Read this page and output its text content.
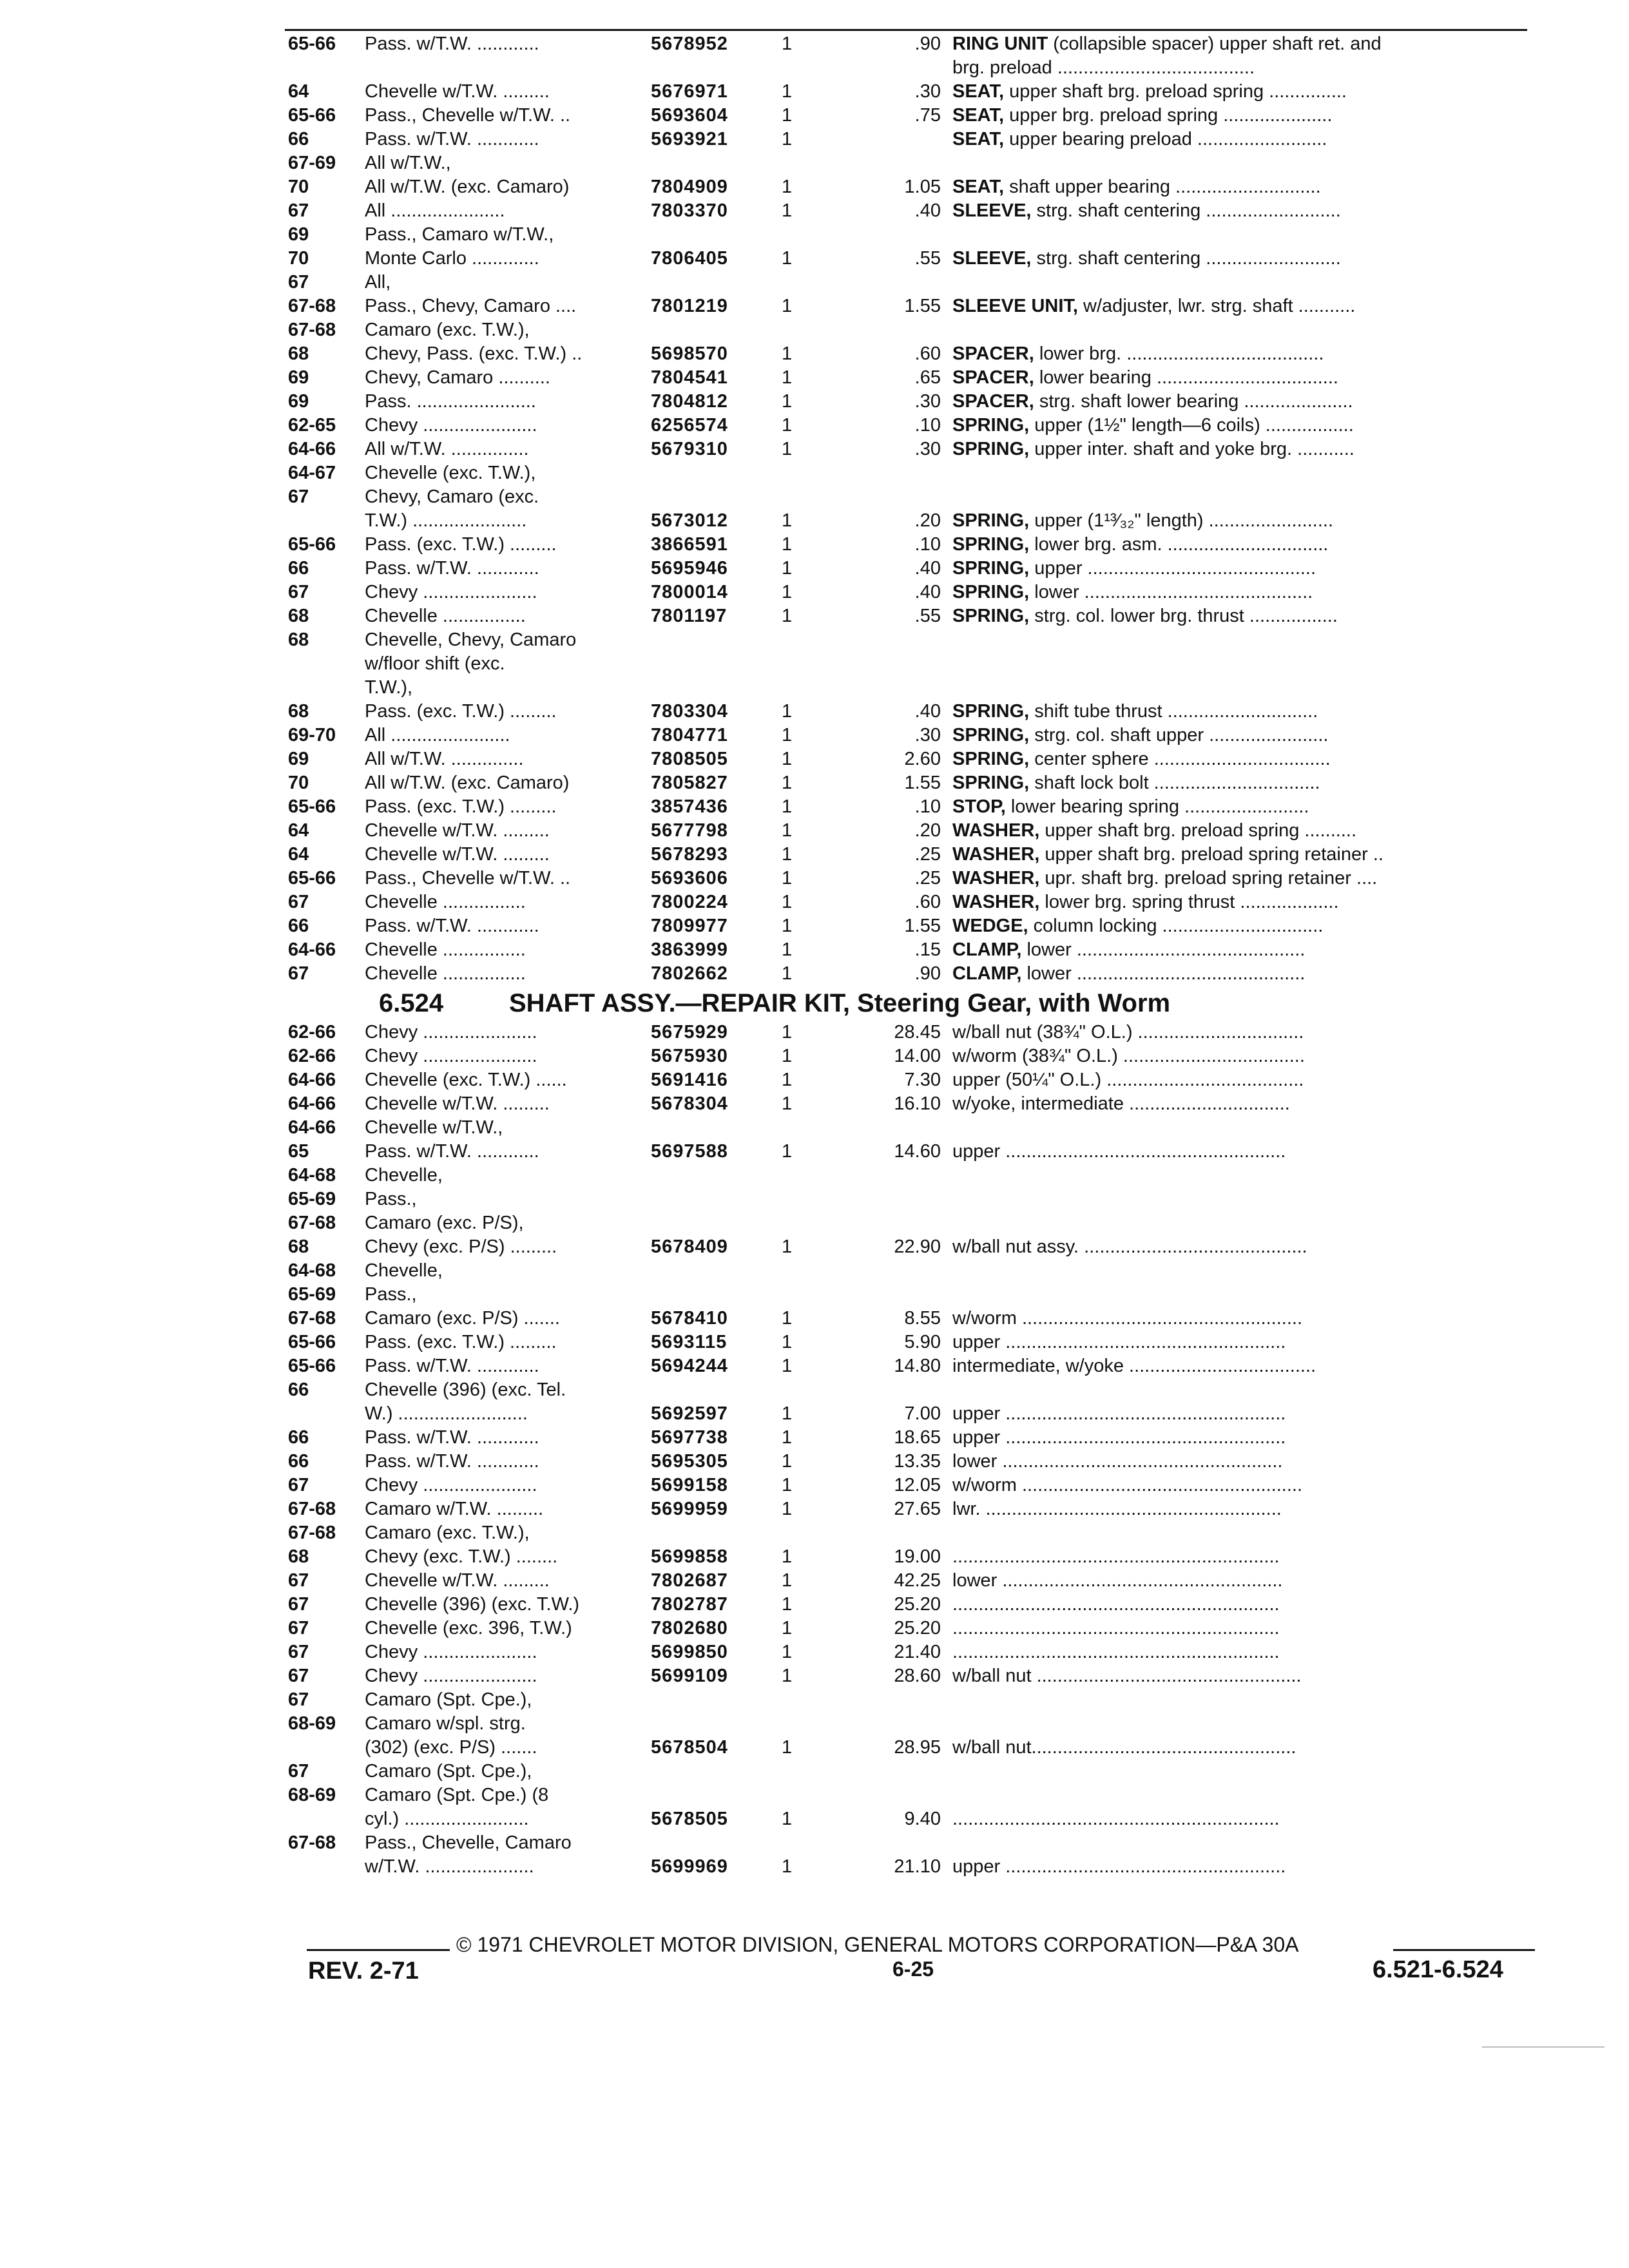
65-66	Pass. w/T.W. ............	5678952	1	.90 RING UNIT (collapsible spacer) upper shaft ret. and
brg. preload ......................................
64	Chevelle w/T.W. .........	5676971	1	.30 SEAT, upper shaft brg. preload spring ...............
65-66	Pass., Chevelle w/T.W. ..	5693604	1	.75 SEAT, upper brg. preload spring .....................
66	Pass. w/T.W. ............	5693921	1	SEAT, upper bearing preload .........................
67-69	All w/T.W.,
70	All w/T.W. (exc. Camaro)	7804909	1	1.05 SEAT, shaft upper bearing ............................
67	All ......................	7803370	1	.40 SLEEVE, strg. shaft centering ..........................
69	Pass., Camaro w/T.W.,
70	Monte Carlo .............	7806405	1	.55 SLEEVE, strg. shaft centering ..........................
67	All,
67-68	Pass., Chevy, Camaro ....	7801219	1	1.55 SLEEVE UNIT, w/adjuster, lwr. strg. shaft ...........
67-68	Camaro (exc. T.W.),
68	Chevy, Pass. (exc. T.W.) ..	5698570	1	.60 SPACER, lower brg. ......................................
69	Chevy, Camaro ..........	7804541	1	.65 SPACER, lower bearing ...................................
69	Pass. .......................	7804812	1	.30 SPACER, strg. shaft lower bearing .....................
62-65	Chevy ......................	6256574	1	.10 SPRING, upper (1½" length—6 coils) .................
64-66	All w/T.W. ...............	5679310	1	.30 SPRING, upper inter. shaft and yoke brg. ...........
64-67	Chevelle (exc. T.W.),
67	Chevy, Camaro (exc.
T.W.) ......................	5673012	1	.20 SPRING, upper (1¹³⁄₃₂" length) ........................
65-66	Pass. (exc. T.W.) .........	3866591	1	.10 SPRING, lower brg. asm. ...............................
66	Pass. w/T.W. ............	5695946	1	.40 SPRING, upper ............................................
67	Chevy ......................	7800014	1	.40 SPRING, lower ............................................
68	Chevelle ................	7801197	1	.55 SPRING, strg. col. lower brg. thrust .................
68	Chevelle, Chevy, Camaro
w/floor shift (exc.
T.W.),
68	Pass. (exc. T.W.) .........	7803304	1	.40 SPRING, shift tube thrust .............................
69-70	All .......................	7804771	1	.30 SPRING, strg. col. shaft upper .......................
69	All w/T.W. ..............	7808505	1	2.60 SPRING, center sphere ..................................
70	All w/T.W. (exc. Camaro)	7805827	1	1.55 SPRING, shaft lock bolt ................................
65-66	Pass. (exc. T.W.) .........	3857436	1	.10 STOP, lower bearing spring ........................
64	Chevelle w/T.W. .........	5677798	1	.20 WASHER, upper shaft brg. preload spring ..........
64	Chevelle w/T.W. .........	5678293	1	.25 WASHER, upper shaft brg. preload spring retainer ..
65-66	Pass., Chevelle w/T.W. ..	5693606	1	.25 WASHER, upr. shaft brg. preload spring retainer ....
67	Chevelle ................	7800224	1	.60 WASHER, lower brg. spring thrust ...................
66	Pass. w/T.W. ............	7809977	1	1.55 WEDGE, column locking ...............................
64-66	Chevelle ................	3863999	1	.15 CLAMP, lower ............................................
67	Chevelle ................	7802662	1	.90 CLAMP, lower ............................................
6.524	SHAFT ASSY.—REPAIR KIT, Steering Gear, with Worm
62-66	Chevy ......................	5675929	1	28.45 w/ball nut (38¾" O.L.) ................................
62-66	Chevy ......................	5675930	1	14.00 w/worm (38¾" O.L.) ...................................
64-66	Chevelle (exc. T.W.) ......	5691416	1	7.30 upper (50¼" O.L.) ......................................
64-66	Chevelle w/T.W. .........	5678304	1	16.10 w/yoke, intermediate ...............................
64-66	Chevelle w/T.W.,
65	Pass. w/T.W. ............	5697588	1	14.60 upper ......................................................
64-68	Chevelle,
65-69	Pass.,
67-68	Camaro (exc. P/S),
68	Chevy (exc. P/S) .........	5678409	1	22.90 w/ball nut assy. ...........................................
64-68	Chevelle,
65-69	Pass.,
67-68	Camaro (exc. P/S) .......	5678410	1	8.55 w/worm ......................................................
65-66	Pass. (exc. T.W.) .........	5693115	1	5.90 upper ......................................................
65-66	Pass. w/T.W. ............	5694244	1	14.80 intermediate, w/yoke ....................................
66	Chevelle (396) (exc. Tel.
W.) .........................	5692597	1	7.00 upper ......................................................
66	Pass. w/T.W. ............	5697738	1	18.65 upper ......................................................
66	Pass. w/T.W. ............	5695305	1	13.35 lower ......................................................
67	Chevy ......................	5699158	1	12.05 w/worm ......................................................
67-68	Camaro w/T.W. .........	5699959	1	27.65 lwr. .........................................................
67-68	Camaro (exc. T.W.),
68	Chevy (exc. T.W.) ........	5699858	1	19.00 ...............................................................
67	Chevelle w/T.W. .........	7802687	1	42.25 lower ......................................................
67	Chevelle (396) (exc. T.W.)	7802787	1	25.20 ...............................................................
67	Chevelle (exc. 396, T.W.)	7802680	1	25.20 ...............................................................
67	Chevy ......................	5699850	1	21.40 ...............................................................
67	Chevy ......................	5699109	1	28.60 w/ball nut ...................................................
67	Camaro (Spt. Cpe.),
68-69	Camaro w/spl. strg.
(302) (exc. P/S) .......	5678504	1	28.95 w/ball nut...................................................
67	Camaro (Spt. Cpe.),
68-69	Camaro (Spt. Cpe.) (8
cyl.) ........................	5678505	1	9.40 ...............................................................
67-68	Pass., Chevelle, Camaro
w/T.W. .....................	5699969	1	21.10 upper ......................................................
© 1971 CHEVROLET MOTOR DIVISION, GENERAL MOTORS CORPORATION—P&A 30A
REV. 2-71	6-25	6.521-6.524
